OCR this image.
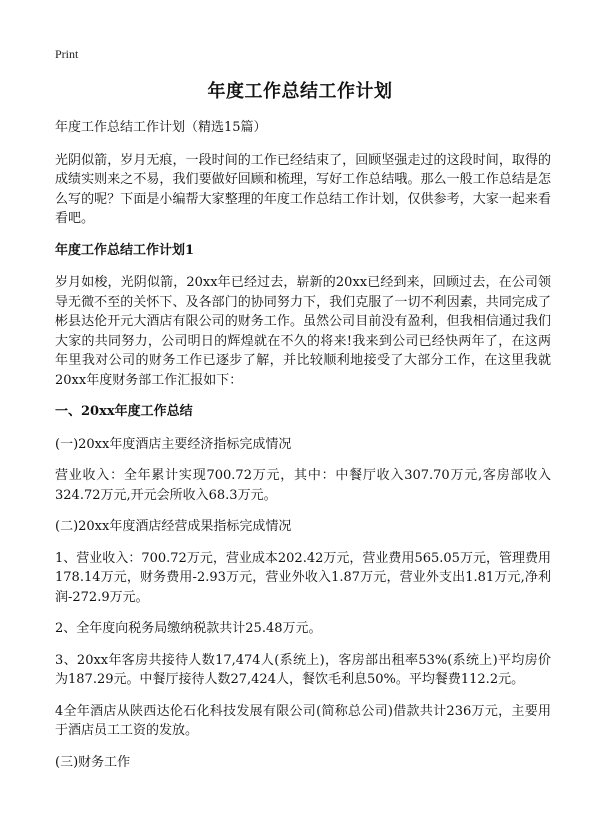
Print
年度工作总结工作计划

年度工作总结工作计划（精选15篇）

光阴似箭，岁月无痕，一段时间的工作已经结束了，回顾坚强走过的这段时间，取得的成绩实则来之不易，我们要做好回顾和梳理，写好工作总结哦。那么一般工作总结是怎么写的呢？下面是小编帮大家整理的年度工作总结工作计划，仅供参考，大家一起来看看吧。

年度工作总结工作计划1

岁月如梭，光阴似箭，20xx年已经过去，崭新的20xx已经到来，回顾过去，在公司领导无微不至的关怀下、及各部门的协同努力下，我们克服了一切不利因素，共同完成了彬县达伦开元大酒店有限公司的财务工作。虽然公司目前没有盈利，但我相信通过我们大家的共同努力，公司明日的辉煌就在不久的将来!我来到公司已经快两年了，在这两年里我对公司的财务工作已逐步了解，并比较顺利地接受了大部分工作，在这里我就20xx年度财务部工作汇报如下：

一、20xx年度工作总结

(一)20xx年度酒店主要经济指标完成情况

营业收入：全年累计实现700.72万元，其中：中餐厅收入307.70万元,客房部收入324.72万元,开元会所收入68.3万元。

(二)20xx年度酒店经营成果指标完成情况

1、营业收入：700.72万元，营业成本202.42万元，营业费用565.05万元，管理费用178.14万元，财务费用-2.93万元，营业外收入1.87万元，营业外支出1.81万元,净利润-272.9万元。

2、全年度向税务局缴纳税款共计25.48万元。

3、20xx年客房共接待人数17,474人(系统上)，客房部出租率53%(系统上)平均房价为187.29元。中餐厅接待人数27,424人，餐饮毛利息50%。平均餐费112.2元。

4全年酒店从陕西达伦石化科技发展有限公司(简称总公司)借款共计236万元，主要用于酒店员工工资的发放。

(三)财务工作
